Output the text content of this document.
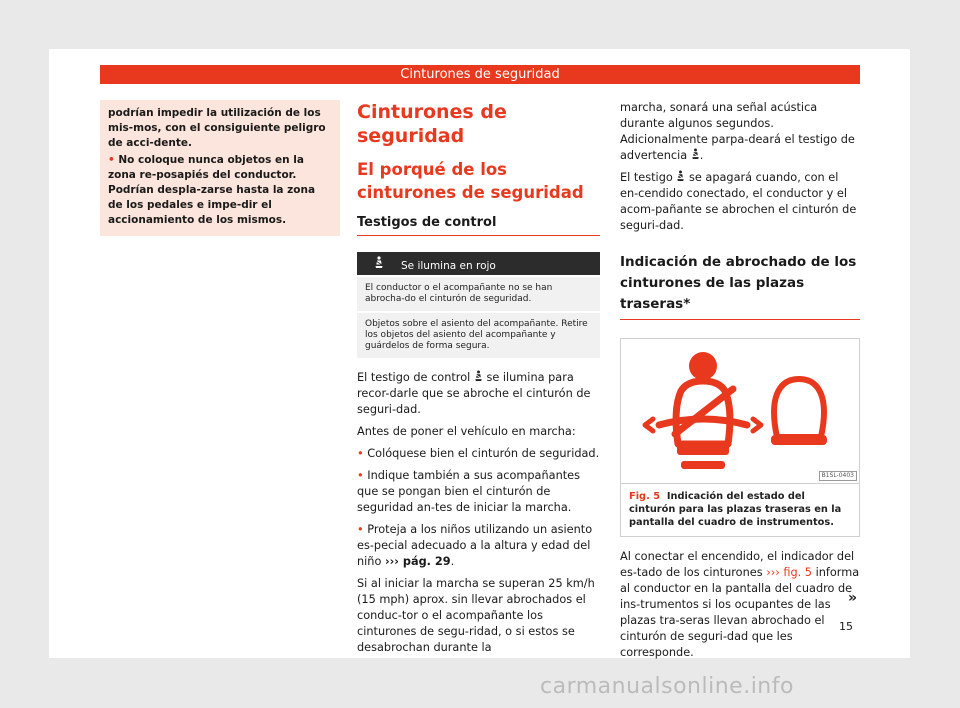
Cinturones de seguridad

podrían impedir la utilización de los mis-mos, con el consiguiente peligro de acci-dente.

• No coloque nunca objetos en la zona re-posapiés del conductor. Podrían despla-zarse hasta la zona de los pedales e impe-dir el accionamiento de los mismos.

Cinturones de seguridad
El porqué de los cinturones de seguridad
Testigos de control
Se ilumina en rojo
El conductor o el acompañante no se han abrocha-do el cinturón de seguridad.
Objetos sobre el asiento del acompañante. Retire los objetos del asiento del acompañante y guárdelos de forma segura.

El testigo de control se ilumina para recor-darle que se abroche el cinturón de seguri-dad.

Antes de poner el vehículo en marcha:

• Colóquese bien el cinturón de seguridad.

• Indique también a sus acompañantes que se pongan bien el cinturón de seguridad an-tes de iniciar la marcha.

• Proteja a los niños utilizando un asiento es-pecial adecuado a la altura y edad del niño ››› pág. 29.

Si al iniciar la marcha se superan 25 km/h (15 mph) aprox. sin llevar abrochados el conduc-tor o el acompañante los cinturones de segu-ridad, o si estos se desabrochan durante la

marcha, sonará una señal acústica durante algunos segundos. Adicionalmente parpa-deará el testigo de advertencia .

El testigo se apagará cuando, con el en-cendido conectado, el conductor y el acom-pañante se abrochen el cinturón de seguri-dad.

Indicación de abrochado de los cinturones de las plazas traseras*
B1SL-0403
Fig. 5 Indicación del estado del cinturón para las plazas traseras en la pantalla del cuadro de instrumentos.

Al conectar el encendido, el indicador del es-tado de los cinturones ››› fig. 5 informa al conductor en la pantalla del cuadro de ins-trumentos si los ocupantes de las plazas tra-seras llevan abrochado el cinturón de seguri-dad que les corresponde.

»
15
carmanualsonline.info
